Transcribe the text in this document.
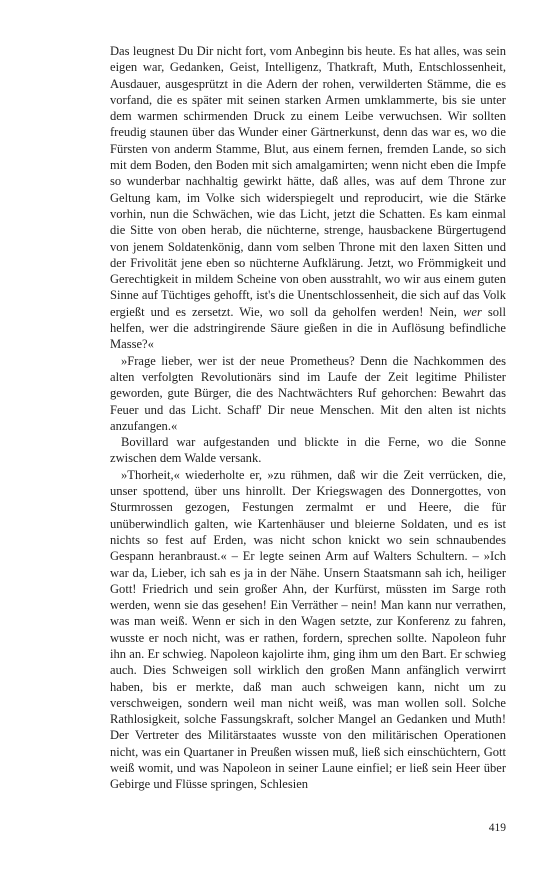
Das leugnest Du Dir nicht fort, vom Anbeginn bis heute. Es hat alles, was sein eigen war, Gedanken, Geist, Intelligenz, Thatkraft, Muth, Entschlossenheit, Ausdauer, ausgesprützt in die Adern der rohen, verwilderten Stämme, die es vorfand, die es später mit seinen starken Armen umklammerte, bis sie unter dem warmen schirmenden Druck zu einem Leibe verwuchsen. Wir sollten freudig staunen über das Wunder einer Gärtnerkunst, denn das war es, wo die Fürsten von anderm Stamme, Blut, aus einem fernen, fremden Lande, so sich mit dem Boden, den Boden mit sich amalgamirten; wenn nicht eben die Impfe so wunderbar nachhaltig gewirkt hätte, daß alles, was auf dem Throne zur Geltung kam, im Volke sich widerspiegelt und reproducirt, wie die Stärke vorhin, nun die Schwächen, wie das Licht, jetzt die Schatten. Es kam einmal die Sitte von oben herab, die nüchterne, strenge, hausbackene Bürgertugend von jenem Soldatenkönig, dann vom selben Throne mit den laxen Sitten und der Frivolität jene eben so nüchterne Aufklärung. Jetzt, wo Frömmigkeit und Gerechtigkeit in mildem Scheine von oben ausstrahlt, wo wir aus einem guten Sinne auf Tüchtiges gehofft, ist's die Unentschlossenheit, die sich auf das Volk ergießt und es zersetzt. Wie, wo soll da geholfen werden! Nein, wer soll helfen, wer die adstringirende Säure gießen in die in Auflösung befindliche Masse?«

»Frage lieber, wer ist der neue Prometheus? Denn die Nachkommen des alten verfolgten Revolutionärs sind im Laufe der Zeit legitime Philister geworden, gute Bürger, die des Nachtwächters Ruf gehorchen: Bewahrt das Feuer und das Licht. Schaff' Dir neue Menschen. Mit den alten ist nichts anzufangen.«

Bovillard war aufgestanden und blickte in die Ferne, wo die Sonne zwischen dem Walde versank.

»Thorheit,« wiederholte er, »zu rühmen, daß wir die Zeit verrücken, die, unser spottend, über uns hinrollt. Der Kriegswagen des Donnergottes, von Sturmrossen gezogen, Festungen zermalmt er und Heere, die für unüberwindlich galten, wie Kartenhäuser und bleierne Soldaten, und es ist nichts so fest auf Erden, was nicht schon knickt wo sein schnaubendes Gespann heranbraust.« – Er legte seinen Arm auf Walters Schultern. – »Ich war da, Lieber, ich sah es ja in der Nähe. Unsern Staatsmann sah ich, heiliger Gott! Friedrich und sein großer Ahn, der Kurfürst, müssten im Sarge roth werden, wenn sie das gesehen! Ein Verräther – nein! Man kann nur verrathen, was man weiß. Wenn er sich in den Wagen setzte, zur Konferenz zu fahren, wusste er noch nicht, was er rathen, fordern, sprechen sollte. Napoleon fuhr ihn an. Er schwieg. Napoleon kajolirte ihm, ging ihm um den Bart. Er schwieg auch. Dies Schweigen soll wirklich den großen Mann anfänglich verwirrt haben, bis er merkte, daß man auch schweigen kann, nicht um zu verschweigen, sondern weil man nicht weiß, was man wollen soll. Solche Rathlosigkeit, solche Fassungskraft, solcher Mangel an Gedanken und Muth! Der Vertreter des Militärstaates wusste von den militärischen Operationen nicht, was ein Quartaner in Preußen wissen muß, ließ sich einschüchtern, Gott weiß womit, und was Napoleon in seiner Laune einfiel; er ließ sein Heer über Gebirge und Flüsse springen, Schlesien

419
